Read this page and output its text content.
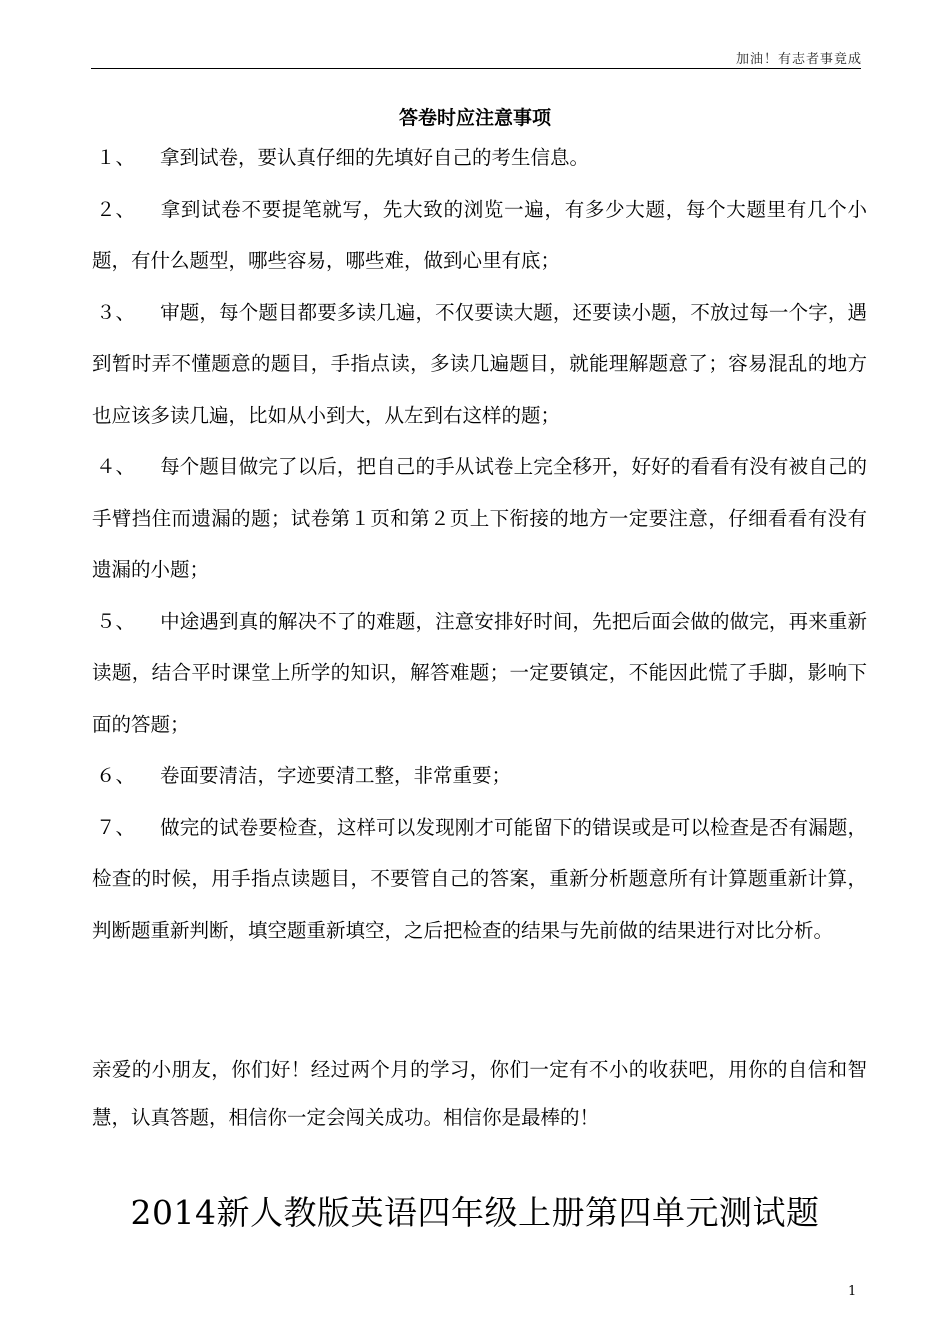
加油！有志者事竟成
答卷时应注意事项
１、 拿到试卷，要认真仔细的先填好自己的考生信息。
２、 拿到试卷不要提笔就写，先大致的浏览一遍，有多少大题，每个大题里有几个小题，有什么题型，哪些容易，哪些难，做到心里有底；
３、 审题，每个题目都要多读几遍，不仅要读大题，还要读小题，不放过每一个字，遇到暂时弄不懂题意的题目，手指点读，多读几遍题目，就能理解题意了；容易混乱的地方也应该多读几遍，比如从小到大，从左到右这样的题；
４、 每个题目做完了以后，把自己的手从试卷上完全移开，好好的看看有没有被自己的手臂挡住而遗漏的题；试卷第１页和第２页上下衔接的地方一定要注意，仔细看看有没有遗漏的小题；
５、 中途遇到真的解决不了的难题，注意安排好时间，先把后面会做的做完，再来重新读题，结合平时课堂上所学的知识，解答难题；一定要镇定，不能因此慌了手脚，影响下面的答题；
６、 卷面要清洁，字迹要清工整，非常重要；
７、 做完的试卷要检查，这样可以发现刚才可能留下的错误或是可以检查是否有漏题，检查的时候，用手指点读题目，不要管自己的答案，重新分析题意所有计算题重新计算，判断题重新判断，填空题重新填空，之后把检查的结果与先前做的结果进行对比分析。
亲爱的小朋友，你们好！经过两个月的学习，你们一定有不小的收获吧，用你的自信和智慧，认真答题，相信你一定会闯关成功。相信你是最棒的！
2014新人教版英语四年级上册第四单元测试题
1
